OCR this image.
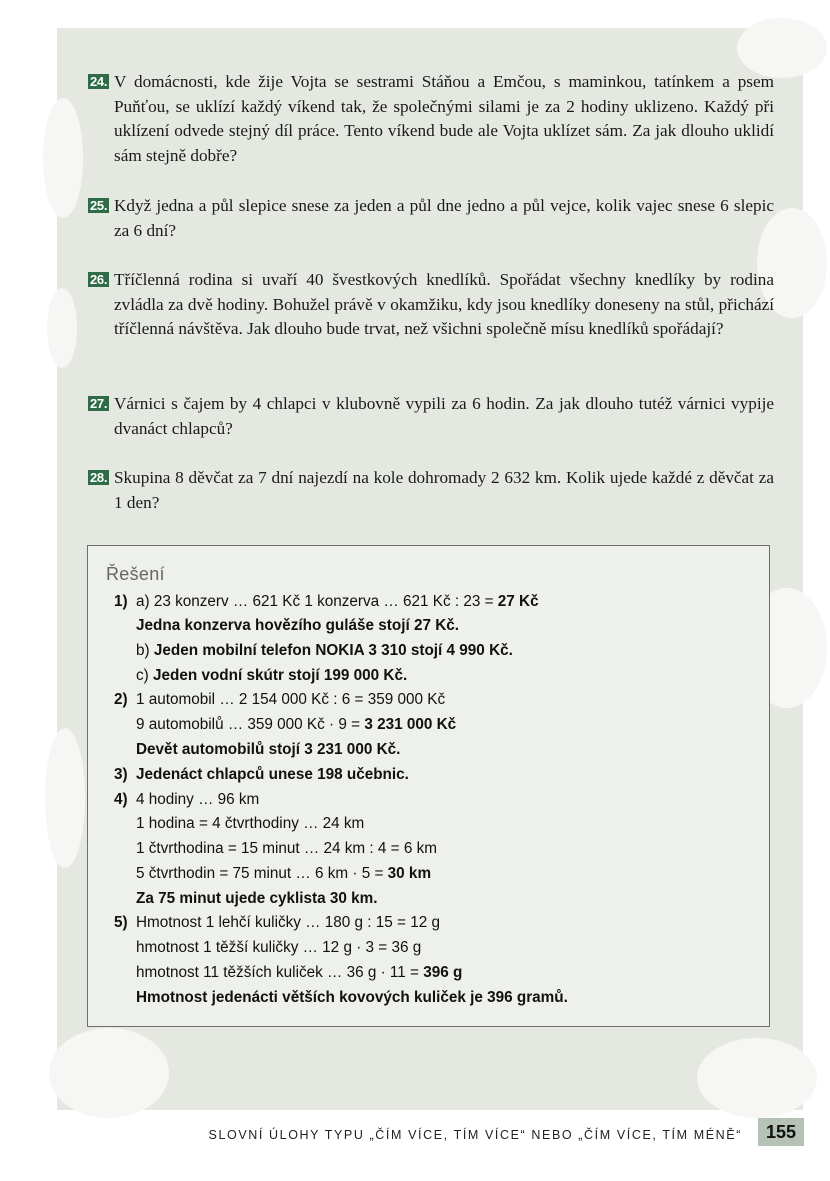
24. V domácnosti, kde žije Vojta se sestrami Stáňou a Emčou, s maminkou, tatínkem a psem Puňťou, se uklízí každý víkend tak, že společnými silami je za 2 hodiny uklizeno. Každý při uklízení odvede stejný díl práce. Tento víkend bude ale Vojta uklízet sám. Za jak dlouho uklidí sám stejně dobře?
25. Když jedna a půl slepice snese za jeden a půl dne jedno a půl vejce, kolik vajec snese 6 slepic za 6 dní?
26. Tříčlenná rodina si uvaří 40 švestkových knedlíků. Spořádat všechny knedlíky by rodina zvládla za dvě hodiny. Bohužel právě v okamžiku, kdy jsou knedlíky doneseny na stůl, přichází tříčlenná návštěva. Jak dlouho bude trvat, než všichni společně mísu knedlíků spořádají?
27. Várnici s čajem by 4 chlapci v klubovně vypili za 6 hodin. Za jak dlouho tutéž várnici vypije dvanáct chlapců?
28. Skupina 8 děvčat za 7 dní najezdí na kole dohromady 2 632 km. Kolik ujede každé z děvčat za 1 den?
Řešení
1) a) 23 konzerv … 621 Kč 1 konzerva … 621 Kč : 23 = 27 Kč
Jedna konzerva hovězího guláše stojí 27 Kč.
b) Jeden mobilní telefon NOKIA 3 310 stojí 4 990 Kč.
c) Jeden vodní skútr stojí 199 000 Kč.
2) 1 automobil … 2 154 000 Kč : 6 = 359 000 Kč
9 automobilů … 359 000 Kč · 9 = 3 231 000 Kč
Devět automobilů stojí 3 231 000 Kč.
3) Jedenáct chlapců unese 198 učebnic.
4) 4 hodiny … 96 km
1 hodina = 4 čtvrthodiny … 24 km
1 čtvrthodina = 15 minut … 24 km : 4 = 6 km
5 čtvrthodin = 75 minut … 6 km · 5 = 30 km
Za 75 minut ujede cyklista 30 km.
5) Hmotnost 1 lehčí kuličky … 180 g : 15 = 12 g
hmotnost 1 těžší kuličky … 12 g · 3 = 36 g
hmotnost 11 těžších kuliček … 36 g · 11 = 396 g
Hmotnost jedenácti větších kovových kuliček je 396 gramů.
SLOVNÍ ÚLOHY TYPU „ČÍM VÍCE, TÍM VÍCE“ NEBO „ČÍM VÍCE, TÍM MÉNĚ“	155
